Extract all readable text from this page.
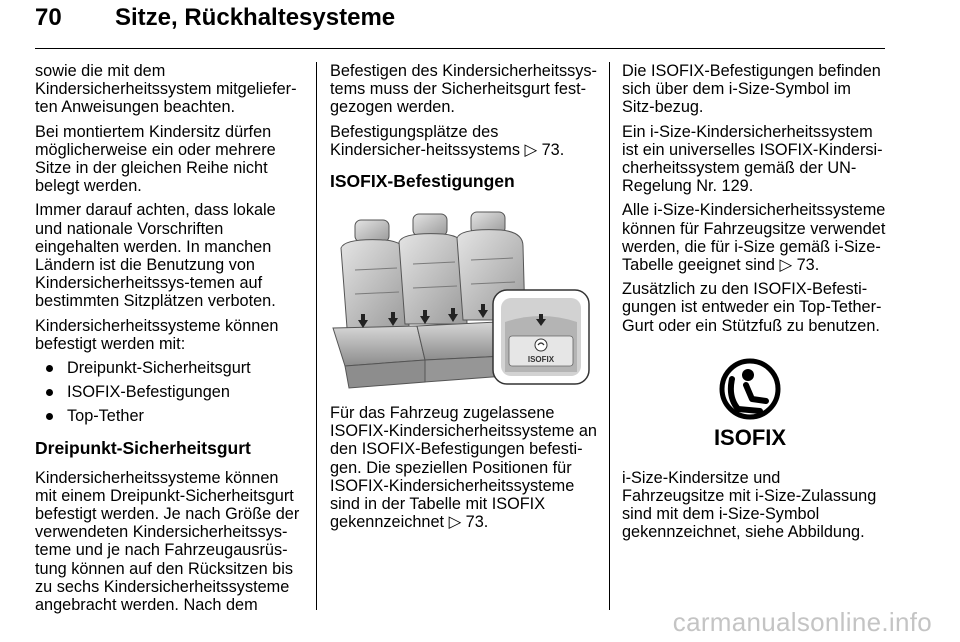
70 Sitze, Rückhaltesysteme

sowie die mit dem Kindersicherheitssystem mitgeliefer-ten Anweisungen beachten.

Bei montiertem Kindersitz dürfen möglicherweise ein oder mehrere Sitze in der gleichen Reihe nicht belegt werden.

Immer darauf achten, dass lokale und nationale Vorschriften eingehalten werden. In manchen Ländern ist die Benutzung von Kindersicherheitssys-temen auf bestimmten Sitzplätzen verboten.

Kindersicherheitssysteme können befestigt werden mit:

Dreipunkt-Sicherheitsgurt
ISOFIX-Befestigungen
Top-Tether
Dreipunkt-Sicherheitsgurt

Kindersicherheitssysteme können mit einem Dreipunkt-Sicherheitsgurt befestigt werden. Je nach Größe der verwendeten Kindersicherheitssys-teme und je nach Fahrzeugausrüs-tung können auf den Rücksitzen bis zu sechs Kindersicherheitssysteme angebracht werden. Nach dem

Befestigen des Kindersicherheitssys-tems muss der Sicherheitsgurt fest-gezogen werden.

Befestigungsplätze des Kindersicher-heitssystems ▷ 73.

ISOFIX-Befestigungen
ISOFIX

Für das Fahrzeug zugelassene ISOFIX-Kindersicherheitssysteme an den ISOFIX-Befestigungen befesti-gen. Die speziellen Positionen für ISOFIX-Kindersicherheitssysteme sind in der Tabelle mit ISOFIX gekennzeichnet ▷ 73.

Die ISOFIX-Befestigungen befinden sich über dem i-Size-Symbol im Sitz-bezug.

Ein i-Size-Kindersicherheitssystem ist ein universelles ISOFIX-Kindersi-cherheitssystem gemäß der UN-Regelung Nr. 129.

Alle i-Size-Kindersicherheitssysteme können für Fahrzeugsitze verwendet werden, die für i-Size gemäß i-Size-Tabelle geeignet sind ▷ 73.

Zusätzlich zu den ISOFIX-Befesti-gungen ist entweder ein Top-Tether-Gurt oder ein Stützfuß zu benutzen.

ISOFIX

i-Size-Kindersitze und Fahrzeugsitze mit i-Size-Zulassung sind mit dem i-Size-Symbol gekennzeichnet, siehe Abbildung.

carmanualsonline.info
